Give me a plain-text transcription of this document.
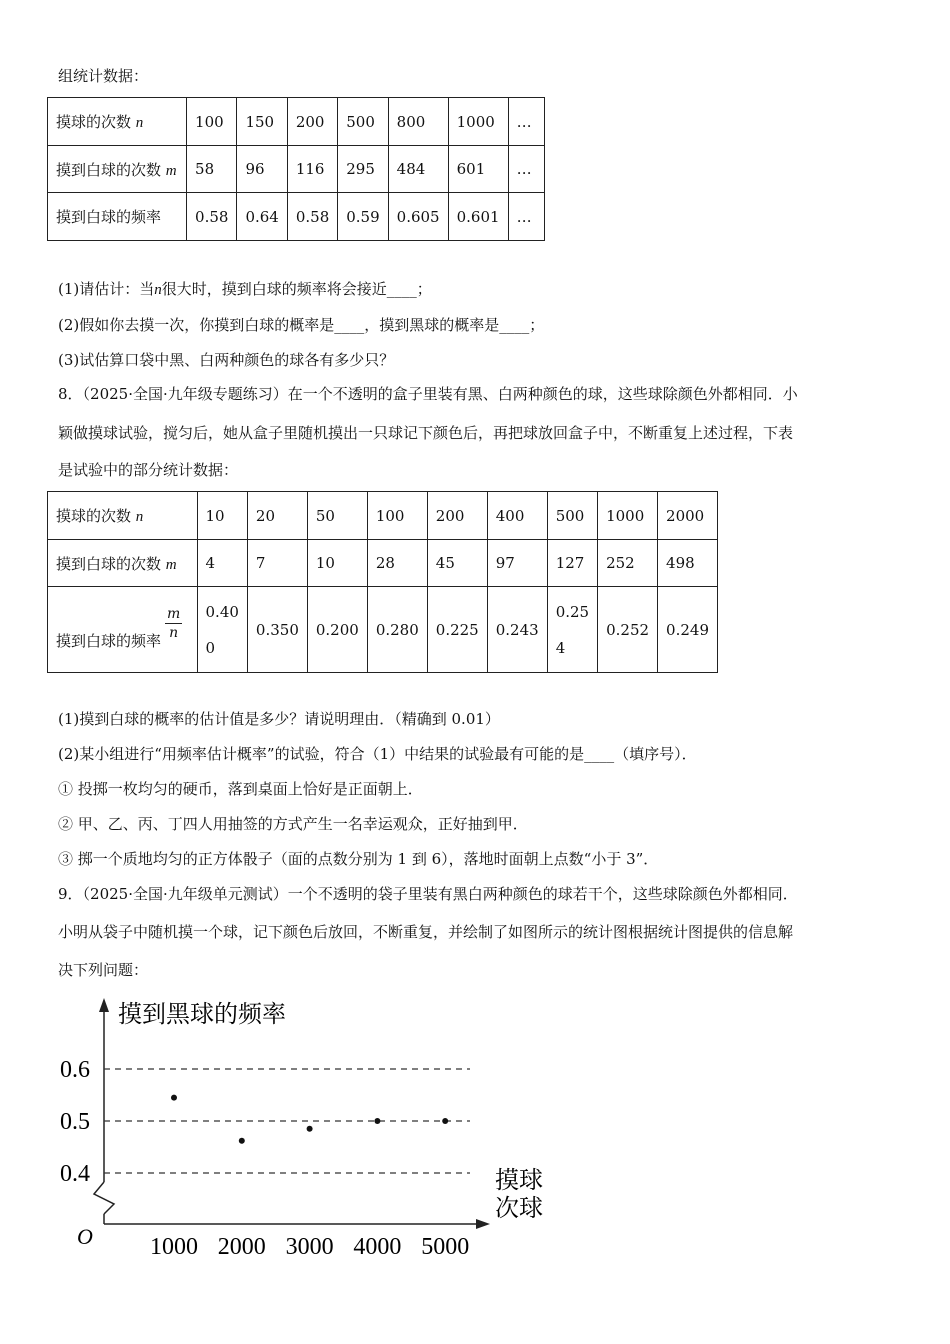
组统计数据：
摸球的次数 n	100	150	200	500	800	1000	…
摸到白球的次数 m	58	96	116	295	484	601	…
摸到白球的频率	0.58	0.64	0.58	0.59	0.605	0.601	…
(1)请估计：当n很大时，摸到白球的频率将会接近____；
(2)假如你去摸一次，你摸到白球的概率是____，摸到黑球的概率是____；
(3)试估算口袋中黑、白两种颜色的球各有多少只？
8．（2025·全国·九年级专题练习）在一个不透明的盒子里装有黑、白两种颜色的球，这些球除颜色外都相同．小
颖做摸球试验，搅匀后，她从盒子里随机摸出一只球记下颜色后，再把球放回盒子中，不断重复上述过程，下表
是试验中的部分统计数据：
摸球的次数 n	10	20	50	100	200	400	500	1000	2000
摸到白球的次数 m	4	7	10	28	45	97	127	252	498
摸到白球的频率 $\frac{m}{n}$	0.40 0	0.350	0.200	0.280	0.225	0.243	0.25 4	0.252	0.249
(1)摸到白球的概率的估计值是多少？请说明理由．（精确到 0.01）
(2)某小组进行“用频率估计概率”的试验，符合（1）中结果的试验最有可能的是____（填序号）．
① 投掷一枚均匀的硬币，落到桌面上恰好是正面朝上．
② 甲、乙、丙、丁四人用抽签的方式产生一名幸运观众，正好抽到甲．
③ 掷一个质地均匀的正方体骰子（面的点数分别为 1 到 6），落地时面朝上点数“小于 3”．
9．（2025·全国·九年级单元测试）一个不透明的袋子里装有黑白两种颜色的球若干个，这些球除颜色外都相同．
小明从袋子中随机摸一个球，记下颜色后放回，不断重复，并绘制了如图所示的统计图根据统计图提供的信息解
决下列问题：
摸到黑球的频率
摸球
次球
O
0.6
0.5
0.4
1000 2000 3000 4000 5000
